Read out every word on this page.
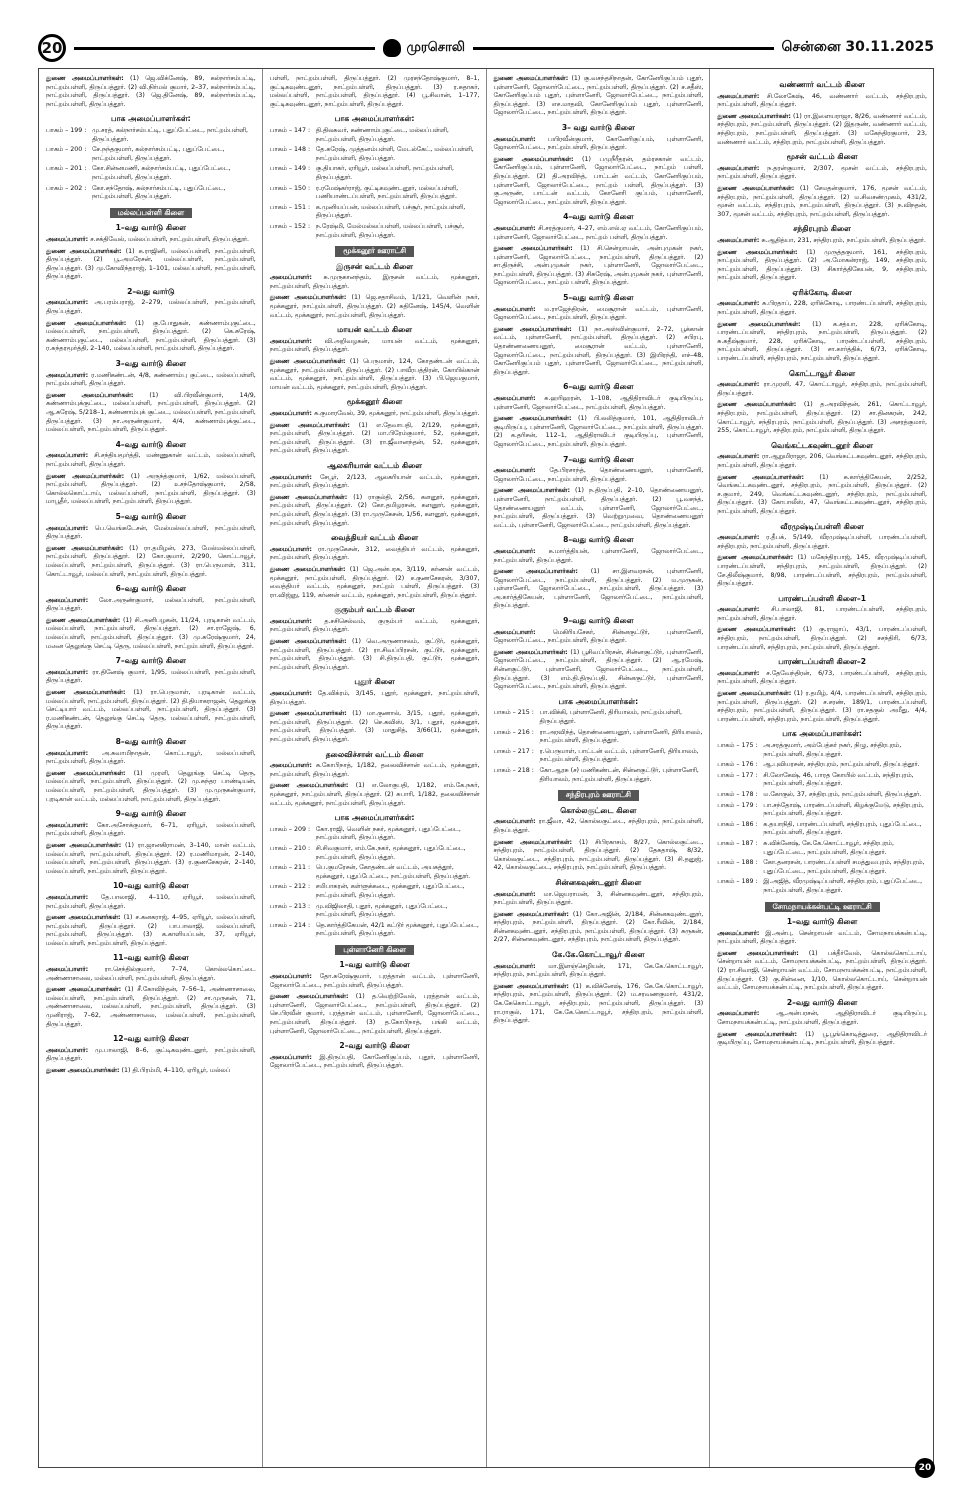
20	முரசொலி	சென்னை 30.11.2025

துணை அமைப்பாளர்கள்: (1) ஜெ.விக்னேஷ், 89, கல்நார்சம்பட்டி, நாட்றம்பள்ளி, திருப்பத்தூர். (2) வி.நிர்மல் குமார், 2–37, கல்நார்சம்பட்டி, நாட்றம்பள்ளி, திருப்பத்தூர். (3) ஜெ.தினேஷ், 89, கல்நார்சம்பட்டி, நாட்றம்பள்ளி, திருப்பத்தூர்.

பாக அமைப்பாளர்கள்:
பாகம் – 199 : மு.சரத், கல்நார்சம்பட்டி, புதுப்பேட்டை, நாட்றம்பள்ளி, திருப்பத்தூர்.
பாகம் – 200 : சே.நந்தகுமார், கல்நார்சம்பட்டி, புதுப்பேட்டை, நாட்றம்பள்ளி, திருப்பத்தூர்.
பாகம் – 201 : கோ.சின்னமணி, கல்நார்சம்பட்டி, புதுப்பேட்டை, நாட்றம்பள்ளி, திருப்பத்தூர்.
பாகம் – 202 : கோ.சந்தோஷ், கல்நார்சம்பட்டி, புதுப்பேட்டை, நாட்றம்பள்ளி, திருப்பத்தூர்.
மல்லப்பள்ளி கிளை
1–வது வார்டு கிளை

அமைப்பாளர்: ச.சக்திவேல், மல்லப்பள்ளி, நாட்றம்பள்ளி, திருப்பத்தூர்.

துணை அமைப்பாளர்கள்: (1) க.ராஜினி, மல்லப்பள்ளி, நாட்றம்பள்ளி, திருப்பத்தூர். (2) பூ.அமரேசன், மல்லப்பள்ளி, நாட்றம்பள்ளி, திருப்பத்தூர். (3) மு.கோவிந்தராஜ், 1–101, மல்லப்பள்ளி, நாட்றம்பள்ளி, திருப்பத்தூர்.

2–வது வார்டு

அமைப்பாளர்: அ.பரம்பராஜ், 2–279, மல்லப்பள்ளி, நாட்றம்பள்ளி, திருப்பத்தூர்.

துணை அமைப்பாளர்கள்: (1) கு.போதுகன், கண்ணாம்புகுட்டை, மல்லப்பள்ளி, நாட்றம்பள்ளி, திருப்பத்தூர். (2) கெ.சுரேஷ், கண்ணாம்புகுட்டை, மல்லப்பள்ளி, நாட்றம்பள்ளி, திருப்பத்தூர். (3) ர.சுந்தரமூர்த்தி, 2–140, மல்லப்பள்ளி, நாட்றம்பள்ளி, திருப்பத்தூர்.

3–வது வார்டு கிளை

அமைப்பாளர்: ர.மணிகண்டன், 4/8, கண்ணாம்பு குட்டை, மல்லப்பள்ளி, நாட்றம்பள்ளி, திருப்பத்தூர்.

துணை அமைப்பாளர்கள்:	(1) வி.பிரவீன்குமார், 14/9, கண்ணாம்புக்குட்டை, மல்லப்பள்ளி, நாட்றம்பள்ளி, திருப்பத்தூர். (2) ஆ.சுரேஷ், 5/218–1, கண்ணாம்புக் குட்டை, மல்லப்பள்ளி, நாட்றம்பள்ளி, திருப்பத்தூர். (3) நா.அருண்குமார், 4/4, கண்ணாம்புக்குட்டை, மல்லப்பள்ளி, நாட்றம்பள்ளி, திருப்பத்தூர்.

4–வது வார்டு கிளை

அமைப்பாளர்: சி.சந்தியமூர்த்தி, மண்ணுகான் வட்டம், மல்லப்பள்ளி, நாட்றம்பள்ளி, திருப்பத்தூர்.

துணை அமைப்பாளர்கள்: (1) அருந்த்குமார், 1/62, மல்லப்பள்ளி, நாட்றம்பள்ளி, திருப்பத்தூர். (2) உசந்தோஷ்குமார், 2/58, கொல்லகொட்டாய், மல்லப்பள்ளி, நாட்றம்பள்ளி, திருப்பத்தூர். (3) மாபூதீர், மல்லப்பள்ளி, நாட்றம்பள்ளி, திருப்பத்தூர்.

5–வது வார்டு கிளை

அமைப்பாளர்: பெ.வெங்கடேசன், மேல்மல்லப்பள்ளி, நாட்றம்பள்ளி, திருப்பத்தூர்.

துணை அமைப்பாளர்கள்: (1) ரா.தமிழன், 273, மேல்மல்லப்பள்ளி, நாட்றம்பள்ளி, திருப்பத்தூர். (2) கோ.குமார், 2/290, கொட்டாவூர், மல்லப்பள்ளி, நாட்றம்பள்ளி, திருப்பத்தூர். (3) ரா.பெருமாள், 311, கொட்டாவூர், மல்லப்பள்ளி, நாட்றம்பள்ளி, திருப்பத்தூர்.

6–வது வார்டு கிளை

அமைப்பாளர்: லோ.அருண்குமார், மல்லப்பள்ளி, நாட்றம்பள்ளி, திருப்பத்தூர்.

துணை அமைப்பாளர்கள்: (1) சி.அனிபழகன், 11/24, புரடிகான் வட்டம், மல்லப்பள்ளி, நாட்றம்பள்ளி, திருப்பத்தூர். (2) சா.ராஜேஷ், 6, மல்லப்பள்ளி, நாட்றம்பள்ளி, திருப்பத்தூர். (3) மு.சுரேஷ்குமார், 24, மனை தெலுங்கு செட்டி தெரு, மல்லப்பள்ளி, நாட்றம்பள்ளி, திருப்பத்தூர்.

7–வது வார்டு கிளை

அமைப்பாளர்: ரா.தினேஷ் குமார், 1/95, மல்லப்பள்ளி, நாட்றம்பள்ளி, திருப்பத்தூர்.

துணை அமைப்பாளர்கள்: (1) ரா.பெருமாள், புரடிகான் வட்டம், மல்லப்பள்ளி, நாட்றம்பள்ளி, திருப்பத்தூர். (2) தி.தியாகராஜன், தெலுங்கு செட்டியார் வட்டம், மல்லப்பள்ளி, நாட்றம்பள்ளி, திருப்பத்தூர். (3) ர.மணிகண்டன், தெலுங்கு செட்டி தெரு, மல்லப்பள்ளி, நாட்றம்பள்ளி, திருப்பத்தூர்.

8–வது வார்டு கிளை

அமைப்பாளர்: அ.சுவாமிநாதன், கொட்டாவூர், மல்லப்பள்ளி, நாட்றம்பள்ளி, திருப்பத்தூர்.

துணை அமைப்பாளர்கள்: (1) முரளி, தெலுங்கு செட்டி தெரு, மல்லப்பள்ளி, நாட்றம்பள்ளி, திருப்பத்தூர். (2) மு.சுந்தர பாண்டியன், மல்லப்பள்ளி, நாட்றம்பள்ளி, திருப்பத்தூர். (3) மு.முருகன்குமார், புரடிகான் வட்டம், மல்லப்பள்ளி, நாட்றம்பள்ளி, திருப்பத்தூர்.

9–வது வார்டு கிளை

அமைப்பாளர்: கோ.அசோக்குமார், 6–71, ஏரியூர், மல்லப்பள்ளி, நாட்றம்பள்ளி, திருப்பத்தூர்.

துணை அமைப்பாளர்கள்: (1) ரா.ஜானகிராமன், 3–140, மான் வட்டம், மல்லப்பள்ளி, நாட்றம்பள்ளி, திருப்பத்தூர். (2) ர.மணிமாறன், 2–140, மல்லப்பள்ளி, நாட்றம்பள்ளி, திருப்பத்தூர். (3) ர.குணசேகரன், 2–140, மல்லப்பள்ளி, நாட்றம்பள்ளி, திருப்பத்தூர்.

10–வது வார்டு கிளை

அமைப்பாளர்: தே.பாலாஜி, 4–110, ஏரியூர், மல்லப்பள்ளி, நாட்றம்பள்ளி, திருப்பத்தூர்.

துணை அமைப்பாளர்கள்: (1) ச.கனகராஜ், 4–95, ஏரியூர், மல்லப்பள்ளி, நாட்றம்பள்ளி, திருப்பத்தூர். (2) பா.பாலாஜி, மல்லப்பள்ளி, நாட்றம்பள்ளி, திருப்பத்தூர். (3) க.காளியப்பன், 37, ஏரியூர், மல்லப்பள்ளி, நாட்றம்பள்ளி, திருப்பத்தூர்.

11–வது வார்டு கிளை

அமைப்பாளர்:	ரா.செந்தில்குமார், 7–74, கொல்லகொட்டை அண்ணாசாலை, மல்லப்பள்ளி, நாட்றம்பள்ளி, திருப்பத்தூர்.

துணை அமைப்பாளர்கள்: (1) சீ.கோவிந்தன், 7–56–1, அண்ணாசாலை, மல்லப்பள்ளி, நாட்றம்பள்ளி, திருப்பத்தூர். (2) சா.முருகன், 71, அண்ணாசாலை, மல்லப்பள்ளி, நாட்றம்பள்ளி, திருப்பத்தூர். (3) முனிராஜ், 7–62, அண்ணாசாலை, மல்லப்பள்ளி, நாட்றம்பள்ளி, திருப்பத்தூர்.

12–வது வார்டு கிளை

அமைப்பாளர்: மு.பாலாஜி, 8–6, குட்டிகவுண்டனூர், நாட்றம்பள்ளி, திருப்பத்தூர்.

துணை அமைப்பாளர்கள்: (1) தி.பிரம்மி, 4–110, ஏரியூர், மல்லப்

பள்ளி, நாட்றம்பள்ளி, திருப்பத்தூர். (2) முரசந்தோஷ்குமார், 8–1, குட்டிகவுண்டனூர், நாட்றம்பள்ளி, திருப்பத்தூர். (3) ர.சுதாகர், மல்லப்பள்ளி, நாட்றம்பள்ளி, திருப்பத்தூர். (4) பூ.சிவான், 1–177, குட்டிகவுண்டனூர், நாட்றம்பள்ளி, திருப்பத்தூர்.

பாக அமைப்பாளர்கள்:
பாகம் – 147 : தி.திலகவர், கண்ணாம்புகுட்டை, மல்லப்பள்ளி, நாட்றம்பள்ளி, திருப்பத்தூர்.
பாகம் – 148 : தே.சுரேஷ், முத்தனம்பள்ளி, மேடல்கேட், மல்லப்பள்ளி, நாட்றம்பள்ளி, திருப்பத்தூர்.
பாகம் – 149 : கு.தியாகர், ஏரியூர், மல்லப்பள்ளி, நாட்றம்பள்ளி, திருப்பத்தூர்.
பாகம் – 150 : ர.ரமேஷ்கர்ராஜ், குட்டிகவுண்டனூர், மல்லப்பள்ளி, பணியாண்டப்பள்ளி, நாட்றம்பள்ளி, திருப்பத்தூர்.
பாகம் – 151 : க.முனியப்பன், மல்லப்பள்ளி, பச்சூர், நாட்றம்பள்ளி, திருப்பத்தூர்.
பாகம் – 152 : ந.ரேஷ்மி, மேல்மல்லப்பள்ளி, மல்லப்பள்ளி, பச்சூர், நாட்றம்பள்ளி, திருப்பத்தூர்.
மூக்கனூர் ஊராட்சி
இருசன் வட்டம் கிளை

அமைப்பாளர்: சு.முருகானந்தம், இருசன் வட்டம், மூக்கனூர், நாட்றம்பள்ளி, திருப்பத்தூர்.

துணை அமைப்பாளர்கள்: (1) ஜெ.சதாசிவம், 1/121, வெளின் நகர், மூக்கனூர், நாட்றம்பள்ளி, திருப்பத்தூர். (2) சுதினேஷ், 145/4, வெளின் வட்டம், மூக்கனூர், நாட்றம்பள்ளி, திருப்பத்தூர்.

மாயன் வட்டம் கிளை

அமைப்பாளர்: வி.அறிவழகன், மாயன் வட்டம், மூக்கனூர், நாட்றம்பள்ளி, திருப்பத்தூர்.

துணை அமைப்பாளர்கள்: (1) பெருமாள், 124, கோதண்டன் வட்டம், மூக்கனூர், நாட்றம்பள்ளி, திருப்பத்தூர். (2) பாவீரபத்திரன், கோயில்கான் வட்டம், மூக்கனூர், நாட்றம்பள்ளி, திருப்பத்தூர். (3) பி.ஜெயகுமார், மாயன் வட்டம், மூக்கனூர், நாட்றம்பள்ளி, திருப்பத்தூர்.

மூக்கனூர் கிளை

அமைப்பாளர்: சு.குமாரவேல், 39, மூக்கனூர், நாட்றம்பள்ளி, திருப்பத்தூர்.

துணை அமைப்பாளர்கள்: (1) எ.தேவாபதி, 2/129, மூக்கனூர், நாட்றம்பள்ளி, திருப்பத்தூர். (2) மா.பிரேம்குமார், 52, மூக்கனூர், நாட்றம்பள்ளி, திருப்பத்தூர். (3) ரா.ஜீவானந்தன், 52, மூக்கனூர், நாட்றம்பள்ளி, திருப்பத்தூர்.

ஆலகரியான் வட்டம் கிளை

அமைப்பாளர்: சேபூர், 2/123, ஆலகரியான் வட்டம், மூக்கனூர், நாட்றம்பள்ளி, திருப்பத்தூர்.

துணை அமைப்பாளர்கள்: (1) ராகுல்தி, 2/56, களனூர், மூக்கனூர், நாட்றம்பள்ளி, திருப்பத்தூர். (2) கோ.தமிழரசன், களனூர், மூக்கனூர், நாட்றம்பள்ளி, திருப்பத்தூர். (3) ரா.முருகேசன், 1/56, களனூர், மூக்கனூர், நாட்றம்பள்ளி, திருப்பத்தூர்.

வைத்தியர் வட்டம் கிளை

அமைப்பாளர்: ரா.முருகேசன், 312, வைத்தியர் வட்டம், மூக்கனூர், நாட்றம்பள்ளி, திருப்பத்தூர்.

துணை அமைப்பாளர்கள்: (1) ஜெ.அன்பரசு, 3/119, கர்ணன் வட்டம், மூக்கனூர், நாட்றம்பள்ளி, திருப்பத்தூர். (2) ச.குணசேகரன், 3/307, வைத்தியர் வட்டம், மூக்கனூர், நாட்றம் பள்ளி, திருப்பத்தூர். (3) ரா.விஜ்ஞு, 119, கர்ணன் வட்டம், மூக்கனூர், நாட்றம்பள்ளி, திருப்பத்தூர்.

குரும்பர் வட்டம் கிளை

அமைப்பாளர்: த.சசிசெல்வம், குரும்பர் வட்டம், மூக்கனூர், நாட்றம்பள்ளி, திருப்பத்தூர்.

துணை அமைப்பாளர்கள்: (1) வெ.அருணாசலம், குட்டூர், மூக்கனூர், நாட்றம்பள்ளி, திருப்பத்தூர். (2) ரா.சிவப்பிரசன், குட்டூர், மூக்கனூர், நாட்றம்பள்ளி, திருப்பத்தூர். (3) சி.திருப்பதி, குட்டூர், மூக்கனூர், நாட்றம்பள்ளி, திருப்பத்தூர்.

புதூர் கிளை

அமைப்பாளர்: தே.விக்ரம், 3/145, புதூர், மூக்கனூர், நாட்றம்பள்ளி, திருப்பத்தூர்.

துணை அமைப்பாளர்கள்: (1) மா.குணால், 3/15, புதூர், மூக்கனூர், நாட்றம்பள்ளி, திருப்பத்தூர். (2) செ.கவிஸ், 3/1, புதூர், மூக்கனூர், நாட்றம்பள்ளி, திருப்பத்தூர். (3) மாதுசித், 3/66(1), மூக்கனூர், நாட்றம்பள்ளி, திருப்பத்தூர்.

தலைவிச்சான் வட்டம் கிளை

அமைப்பாளர்: சு.கோபிநாத், 1/182, தலைவிச்சான் வட்டம், மூக்கனூர், நாட்றம்பள்ளி, திருப்பத்தூர்.

துணை அமைப்பாளர்கள்: (1) எ.லோகுபதி, 1/182, எம்.கே.நகர், மூக்கனூர், நாட்றம்பள்ளி, திருப்பத்தூர். (2) சுபாரி, 1/182, தலைவிச்சான் வட்டம், மூக்கனூர், நாட்றம்பள்ளி, திருப்பத்தூர்.

பாக அமைப்பாளர்கள்:
பாகம் – 209 : கோ.ராஜி, வெளின் நகர், மூக்கனூர், புதுப்பேட்டை, நாட்றம்பள்ளி, திருப்பத்தூர்.
பாகம் – 210 : சி.சிவகுமார், எம்.கே.நகர், மூக்கனூர், புதுப்பேட்டை, நாட்றம்பள்ளி, திருப்பத்தூர்.
பாகம் – 211 : பெ.குமரேசன், கோதண்டன் வட்டம், அயகத்தூர், மூக்கனூர், புதுப்பேட்டை, நாட்றம்பள்ளி, திருப்பத்தூர்.
பாகம் – 212 : சமிபாகரன், கள்ளுக்கடை, மூக்கனூர், புதுப்பேட்டை, நாட்றம்பள்ளி, திருப்பத்தூர்.
பாகம் – 213 : மு.விஜிலாதி, புதூர், மூக்கனூர், புதுப்பேட்டை, நாட்றம்பள்ளி, திருப்பத்தூர்.
பாகம் – 214 : தெ.கார்த்திகேயன், 42/1 கட்டூர் மூக்கனூர், புதுப்பேட்டை, நாட்றம்பள்ளி, திருப்பத்தூர்.
புள்ளானேரி கிளை
1–வது வார்டு கிளை

அமைப்பாளர்: தோ.சுரேஷ்குமார், புரத்தான் வட்டம், புள்ளானேரி, ஜோலார்பேட்டை, நாட்றம்பள்ளி, திருப்பத்தூர்.

துணை அமைப்பாளர்கள்: (1) த.வெற்றிவேல், புரத்தான் வட்டம், புள்ளானேரி, ஜோலார்பேட்டை, நாட்றம்பள்ளி, திருப்பத்தூர். (2) செ.பிரவீன் குமார், புரத்தான் வட்டம், புள்ளானேரி, ஜோலார்பேட்டை, நாட்றம்பள்ளி, திருப்பத்தூர். (3) த.கோபிநாத், பங்கி வட்டம், புள்ளானேரி, ஜோலார்பேட்டை, நாட்றம்பள்ளி, திருப்பத்தூர்.

2–வது வார்டு கிளை

அமைப்பாளர்: இ.திருப்பதி, கோனேரிகுப்பம், புதூர், புள்ளானேரி, ஜோலார்பேட்டை, நாட்றம்பள்ளி, திருப்பத்தூர்.

துணை அமைப்பாளர்கள்: (1) கு.வசந்தசிநாதன், கோனேரிகுப்பம் புதூர், புள்ளானேரி, ஜோலார்பேட்டை, நாட்றம்பள்ளி, திருப்பத்தூர். (2) ச.சதீஸ், கோனேரிகுப்பம் புதூர், புள்ளானேரி, ஜோலார்பேட்டை, நாட்றம்பள்ளி, திருப்பத்தூர். (3) எச.மாதவி, கோனேரிகுப்பம் புதூர், புள்ளானேரி, ஜோலார்பேட்டை, நாட்றம்பள்ளி, திருப்பத்தூர்.

3– வது வார்டு கிளை

அமைப்பாளர்: பயிரவீன்குமார், கோனேரிகுப்பம், புள்ளானேரி, ஜோலார்பேட்டை, நாட்றம்பள்ளி, திருப்பத்தூர்.

துணை அமைப்பாளர்கள்: (1) பமுநீரீதரன், தம்ரசகான் வட்டம், கோனேரிகுப்பம், புள்ளானேரி, ஜோலார்பேட்டை, நாட்றம் பள்ளி, திருப்பத்தூர். (2) தி.அரவிந்த், பாட்டன் வட்டம், கோனேரிகுப்பம், புள்ளானேரி, ஜோலார்பேட்டை, நாட்றம் பள்ளி, திருப்பத்தூர். (3) கு.அருண், பாட்டன் வட்டம், கோனேரி குப்பம், புள்ளானேரி, ஜோலார்பேட்டை, நாட்றம்பள்ளி, திருப்பத்தூர்.

4–வது வார்டு கிளை

அமைப்பாளர்: சி.சரத்குமார், 4–27, எம்.எல்.ஏ வட்டம், கோனேரிகுப்பம், புள்ளானேரி, ஜோலார்பேட்டை, நாட்றம் பள்ளி, திருப்பத்தூர்.

துணை அமைப்பாளர்கள்: (1) சி.சென்றாயன், அன்புமுகன் நகர், புள்ளானேரி, ஜோலார்பேட்டை, நாட்றம்பள்ளி, திருப்பத்தூர். (2) சா.திருச்சி, அன்புமுகன் நகர், புள்ளானேரி, ஜோலார்பேட்டை, நாட்றம்பள்ளி, திருப்பத்தூர். (3) சிசுரேஷ், அன்புமுகன் நகர், புள்ளானேரி, ஜோலார்பேட்டை, நாட்றம் பள்ளி, திருப்பத்தூர்.

5–வது வார்டு கிளை

அமைப்பாளர்: ம.ராஜேந்திரன், மைசூரான் வட்டம், புள்ளானேரி, ஜோலார்பேட்டை, நாட்றம்பள்ளி, திருப்பத்தூர்.

துணை அமைப்பாளர்கள்: (1) நா.அஸ்வின்குமார், 2–72, பூக்கான் வட்டம், புள்ளானேரி, நாட்றம்பள்ளி, திருப்பத்தூர். (2) சபிரபு, தொண்ணணையனூர், மைசூரான் வட்டம், புள்ளானேரி, ஜோலார்பேட்டை, நாட்றம்பள்ளி, திருப்பத்தூர். (3) இயிரந்தி, எச்–48, கோனேரிகுப்பம் புதூர், புள்ளானேரி, ஜோலார்பேட்டை, நாட்றம்பள்ளி, திருப்பத்தூர்.

6–வது வார்டு கிளை

அமைப்பாளர்: சு.ஹரிஹரன், 1–108, ஆதிதிராவிடர் குடியிருப்பு, புள்ளானேரி, ஜோலார்பேட்டை, நாட்றம்பள்ளி, திருப்பத்தூர்.

துணை அமைப்பாளர்கள்: (1) பி.லலித்குமார், 101, ஆதிதிராவிடர் குடியிருப்பு, புள்ளானேரி, ஜோலார்பேட்டை, நாட்றம்பள்ளி, திருப்பத்தூர். (2) க.தரிசன், 112–1, ஆதிதிராவிடர் குடியிருப்பு, புள்ளானேரி, ஜோலார்பேட்டை, நாட்றம்பள்ளி, திருப்பத்தூர்.

7–வது வார்டு கிளை

அமைப்பாளர்: தே.பிரசாந்த், தொண்ணையனூர், புள்ளானேரி, ஜோலார்பேட்டை, நாட்றம்பள்ளி, திருப்பத்தூர்.

துணை அமைப்பாளர்கள்: (1) ந.திருப்பதி, 2–10, தொண்ணையனூர், புள்ளானேரி, நாட்றம்பள்ளி, திருப்பத்தூர். (2) பூ.வசந்த், தொண்ணையனூர் வட்டம், புள்ளானேரி, ஜோலார்பேட்டை, நாட்றம்பள்ளி, திருப்பத்தூர். (3) வெற்றுமுவை, தொண்ணையனூர் வட்டம், புள்ளானேரி, ஜோலார்பேட்டை, நாட்றம்பள்ளி, திருப்பத்தூர்.

8–வது வார்டு கிளை

அமைப்பாளர்: சு.மார்த்தியன், புள்ளானேரி, ஜோலார்பேட்டை, நாட்றம்பள்ளி, திருப்பத்தூர்.

துணை அமைப்பாளர்கள்: (1) சா.இளவரசன், புள்ளானேரி, ஜோலார்பேட்டை, நாட்றம்பள்ளி, திருப்பத்தூர். (2) ம.முருகன், புள்ளானேரி, ஜோலார்பேட்டை, நாட்றம்பள்ளி, திருப்பத்தூர். (3) அ.கார்த்திகேயன், புள்ளானேரி, ஜோலார்பேட்டை, நாட்றம்பள்ளி, திருப்பத்தூர்.

9–வது வார்டு கிளை

அமைப்பாளர்:	மெகிரியசேகர், சின்னகுட்டூர், புள்ளானேரி, ஜோலார்பேட்டை, நாட்றம்பள்ளி, திருப்பத்தூர்.

துணை அமைப்பாளர்கள்: (1) பூசிவப்பிரசன், சின்னகுட்டூர், புள்ளானேரி, ஜோலார்பேட்டை, நாட்றம்பள்ளி, திருப்பத்தூர். (2) ஆ.ரமேஷ், சின்னகுட்டூர், புள்ளானேரி, ஜோலார்பேட்டை, நாட்றம்பள்ளி, திருப்பத்தூர். (3) எம்.தி.திருப்பதி, சின்னகுட்டூர், புள்ளானேரி, ஜோலார்பேட்டை, நாட்றம்பள்ளி, திருப்பத்தூர்.

பாக அமைப்பாளர்கள்:
பாகம் – 215 : பா.விக்கி, புள்ளானேரி, திரியாலம், நாட்றம்பள்ளி, திருப்பத்தூர்.
பாகம் – 216 : ரா.அரவிந்த், தொண்ணையனூர், புள்ளானேரி, திரியாலம், நாட்றம்பள்ளி, திருப்பத்தூர்.
பாகம் – 217 : ர.பெருமாள், பாட்டன் வட்டம், புள்ளானேரி, திரியாலம், நாட்றம்பள்ளி, திருப்பத்தூர்.
பாகம் – 218 : கோ.ஆரசு (ச) மணிகண்டன், சின்னகுட்டூர், புள்ளானேரி, திரியாலம், நாட்றம்பள்ளி, திருப்பத்தூர்.
சந்திரபுரம் ஊராட்சி
கொல்லகுட்டை கிளை

அமைப்பாளர்: ரா.ஜீவா, 42, கொல்லகுட்டை, சந்திரபுரம், நாட்றம்பள்ளி, திருப்பத்தூர்.

துணை அமைப்பாளர்கள்: (1) சிபிரகாசம், 8/27, கொல்லகுட்டை, சந்திரபுரம், நாட்றம்பள்ளி, திருப்பத்தூர். (2) தேசுதாஷ், 8/32, கொல்லகுட்டை, சந்திரபுரம், நாட்றம்பள்ளி, திருப்பத்தூர். (3) சி.தனுஜ், 42, கொல்லகுட்டை, சந்திரபுரம், நாட்றம்பள்ளி, திருப்பத்தூர்.

சின்னகவுண்டனூர் கிளை

அமைப்பாளர்: மா.ஜெயராமன், 3, சின்னகவுண்டனூர், சந்திரபுரம், நாட்றம்பள்ளி, திருப்பத்தூர்.

துணை அமைப்பாளர்கள்: (1) கோ.அஜின், 2/184, சின்னகவுண்டனூர், சந்திரபுரம், நாட்றம்பள்ளி, திருப்பத்தூர். (2) கோ.ரீவின், 2/184, சின்னகவுண்டனூர், சந்திரபுரம், நாட்றம்பள்ளி, திருப்பத்தூர். (3) சுருகன், 2/27, சின்னகவுண்டனூர், சந்திரபுரம், நாட்றம்பள்ளி, திருப்பத்தூர்.

கே.கே.கொட்டாவூர் கிளை

அமைப்பாளர்: மா.இளஞ்செழியன், 171, கே.கே.கொட்டாவூர், சந்திரபுரம், நாட்றம்பள்ளி, திருப்பத்தூர்.

துணை அமைப்பாளர்கள்: (1) க.விக்னேஷ், 176, கே.கே.கொட்டாவூர், சந்திரபுரம், நாட்றம்பள்ளி, திருப்பத்தூர். (2) ம.சரவணகுமார், 431/2, கே.கேகொட்டாவூர், சந்திரபுரம், நாட்றம்பள்ளி, திருப்பத்தூர். (3) ரா.ராகுல், 171, கே.கே.கொட்டாவூர், சந்திரபுரம், நாட்றம்பள்ளி, திருப்பத்தூர்.

வண்ணார் வட்டம் கிளை

அமைப்பாளர்: சி.லோகேஷ், 46, வண்ணார் வட்டம், சந்திரபுரம், நாட்றம்பள்ளி, திருப்பத்தூர்.

துணை அமைப்பாளர்கள்: (1) ரா.இளையராஜா, 8/26, வண்ணார் வட்டம், சந்திரபுரம், நாட்றம்பள்ளி, திருப்பத்தூர். (2) இதருண், வண்ணார் வட்டம், சந்திரபுரம், நாட்றம்பள்ளி, திருப்பத்தூர். (3) மகேந்திரகுமார், 23, வண்ணார் வட்டம், சந்திரபுரம், நாட்றம்பள்ளி, திருப்பத்தூர்.

மூசன் வட்டம் கிளை

அமைப்பாளர்: ந.தரன்குமார், 2/307, மூசன் வட்டம், சந்திரபுரம், நாட்றம்பள்ளி, திருப்பத்தூர்.

துணை அமைப்பாளர்கள்: (1) சேமதன்குமார், 176, மூசன் வட்டம், சந்திரபுரம், நாட்றம்பள்ளி, திருப்பத்தூர். (2) ம.சிவசண்முகம், 431/2, மூசன் வட்டம், சந்திரபுரம், நாட்றம்பள்ளி, திருப்பத்தூர். (3) ந.விநதன், 307, மூசன் வட்டம், சந்திரபுரம், நாட்றம்பள்ளி, திருப்பத்தூர்.

சந்திரபுரம் கிளை

அமைப்பாளர்: சு.ஆதித்யா, 231, சந்திரபுரம், நாட்றம்பள்ளி, திருப்பத்தூர்.

துணை அமைப்பாளர்கள்: (1) முருத்தகுமார், 161, சந்திரபுரம், நாட்றம்பள்ளி, திருப்பத்தூர். (2) அ.மோகன்ராஜ், 149, சந்திரபுரம், நாட்றம்பள்ளி, திருப்பத்தூர். (3) சிகார்த்திகேயன், 9, சந்திரபுரம், நாட்றம்பள்ளி, திருப்பத்தூர்.

ஏரிக்கோடி கிளை

அமைப்பாளர்: சு.பிரதாப், 228, ஏரிக்கோடி, பாரண்டப்பள்ளி, சந்திரபுரம், நாட்றம்பள்ளி, திருப்பத்தூர்.

துணை அமைப்பாளர்கள்: (1) க.சத்யா, 228, ஏரிக்கோடி, பாரண்டப்பள்ளி, சந்திரபுரம், நாட்றம்பள்ளி, திருப்பத்தூர். (2) சு.சுதீஷ்குமார், 228, ஏரிக்கோடி, பாரண்டப்பள்ளி, சந்திரபுரம், நாட்றம்பள்ளி, திருப்பத்தூர். (3) சா.கார்த்திக், 6/73, ஏரிக்கோடி, பாரண்டப்பள்ளி, சந்திரபுரம், நாட்றம்பள்ளி, திருப்பத்தூர்.

கொட்டாவூர் கிளை

அமைப்பாளர்: ரா.முரளி, 47, கொட்டாவூர், சந்திரபுரம், நாட்றம்பள்ளி, திருப்பத்தூர்.

துணை அமைப்பாளர்கள்: (1) த.அரவிந்தன், 261, கொட்டாவூர், சந்திரபுரம், நாட்றம்பள்ளி, திருப்பத்தூர். (2) சா.தினகரன், 242, கொட்டாவூர், சந்திரபுரம், நாட்றம்பள்ளி, திருப்பத்தூர். (3) அசரத்குமார், 255, கொட்டாவூர், சந்திரபுரம், நாட்றம்பள்ளி, திருப்பத்தூர்.

வெங்கட்டகவுண்டனூர் கிளை

அமைப்பாளர்: ரா.ஆறுமிராஜா, 206, வெங்கட்டகவுண்டனூர், சந்திரபுரம், நாட்றம்பள்ளி, திருப்பத்தூர்.

துணை அமைப்பாளர்கள்: (1) சு.கார்த்திகேயன், 2/252, வெங்கட்டகவுண்டனூர், சந்திரபுரம், நாட்றம்பள்ளி, திருப்பத்தூர். (2) ச.குமார், 249, வெங்கட்டகவுண்டனூர், சந்திரபுரம், நாட்றம்பள்ளி, திருப்பத்தூர். (3) கோபாலீஸ், 47, வெங்கட்டகவுண்டனூர், சந்திரபுரம், நாட்றம்பள்ளி, திருப்பத்தூர்.

வீரமுஷ்டிப்பள்ளி கிளை

அமைப்பாளர்: ர.தீபக், 5/149, வீரமுஷ்டிப்பள்ளி, பாரண்டப்பள்ளி, சந்திரபுரம், நாட்றம்பள்ளி, திருப்பத்தூர்.

துணை அமைப்பாளர்கள்: (1) மகேந்திரபாஜ், 145, வீரமுஷ்டிப்பள்ளி, பாரண்டப்பள்ளி, சந்திரபுரம், நாட்றம்பள்ளி, திருப்பத்தூர். (2) சே.திலீஷ்குமார், 8/98, பாரண்டப்பள்ளி, சந்திரபுரம், நாட்றம்பள்ளி, திருப்பத்தூர்.

பாரண்டப்பள்ளி கிளை–1

அமைப்பாளர்: சி.பாலாஜி, 81, பாரண்டப்பள்ளி, சந்திரபுரம், நாட்றம்பள்ளி, திருப்பத்தூர்.

துணை அமைப்பாளர்கள்: (1) கு.ராஜாப், 43/1, பாரண்டப்பள்ளி, சந்திரபுரம், நாட்றம்பள்ளி, திருப்பத்தூர். (2) சசந்திரி, 6/73, பாரண்டப்பள்ளி, சந்திரபுரம், நாட்றம்பள்ளி, திருப்பத்தூர்.

பாரண்டப்பள்ளி கிளை–2

அமைப்பாளர்: ச.தேவேந்திரன், 6/73, பாரண்டப்பள்ளி, சந்திரபுரம், நாட்றம்பள்ளி, திருப்பத்தூர்.

துணை அமைப்பாளர்கள்: (1) ர.தமிழ், 4/4, பாரண்டப்பள்ளி, சந்திரபுரம், நாட்றம்பள்ளி, திருப்பத்தூர். (2) ச.சரண், 189/1, பாரண்டப்பள்ளி, சந்திரபுரம், நாட்றம்பள்ளி, திருப்பத்தூர். (3) ரா.சதகுல் அமீது, 4/4, பாரண்டப்பள்ளி, சந்திரபுரம், நாட்றம்பள்ளி, திருப்பத்தூர்.

பாக அமைப்பாளர்கள்:
பாகம் – 175 : அ.சரத்குமார், அம்பேத்கர் நகர், நிழு, சந்திரபுரம், நாட்றம்பள்ளி, திருப்பத்தூர்.
பாகம் – 176 : ஆ.புவியரசன், சந்திரபுரம், நாட்றம்பள்ளி, திருப்பத்தூர்.
பாகம் – 177 : சி.லோகேஷ், 46, பாரத கோயில் வட்டம், சந்திரபுரம், நாட்றம்பள்ளி, திருப்பத்தூர்.
பாகம் – 178 : ம.கோகுல், 37, சந்திரபுரம், நாட்றம்பள்ளி, திருப்பத்தூர்.
பாகம் – 179 : பா.சந்தோஷ், பாரண்டப்பள்ளி, கிழக்குமேடு, சந்திரபுரம், நாட்றம்பள்ளி, திருப்பத்தூர்.
பாகம் – 186 : க.தயாநிதி, பாரண்டப்பள்ளி, சந்திரபுரம், புதுப்பேட்டை, நாட்றம்பள்ளி, திருப்பத்தூர்.
பாகம் – 187 : சு.விக்னேஷ், கே.கே.கொட்டாவூர், சந்திரபுரம், புதுப்பேட்டை, நாட்றம்பள்ளி, திருப்பத்தூர்.
பாகம் – 188 : கோ.தனரசன், பாரண்டப்பள்ளி சமத்துவபுரம், சந்திரபுரம், புதுப்பேட்டை, நாட்றம்பள்ளி, திருப்பத்தூர்.
பாகம் – 189 : இ.அஜித், வீரமுஷ்டிப்பள்ளி, சந்திரபுரம், புதுப்பேட்டை, நாட்றம்பள்ளி, திருப்பத்தூர்.
சோமநாயக்கன்பட்டி ஊராட்சி
1–வது வார்டு கிளை

அமைப்பாளர்: இ.அன்பு, சென்றாயன் வட்டம், சோமநாயக்கன்பட்டி, நாட்றம்பள்ளி, திருப்பத்தூர்.

துணை அமைப்பாளர்கள்: (1) பக்தீர்வேல், கொல்லகொட்டாய், சென்றாயன் வட்டம், சோமநாயக்கன்பட்டி, நாட்றம்பள்ளி, திருப்பத்தூர். (2) ரா.சிவாஜி, சென்றாயன் வட்டம், சோமநாயக்கன்பட்டி, நாட்றம்பள்ளி, திருப்பத்தூர். (3) கு.சின்னை, 1/10, கொல்லகொட்டாய், சென்றாயன் வட்டம், சோமநாயக்கன்பட்டி, நாட்றம்பள்ளி, திருப்பத்தூர்.

2–வது வார்டு கிளை

அமைப்பாளர்:	ஆ.அன்பரசன், ஆதிதிராவிடர் குடியிருப்பு, சோமநாயக்கன்பட்டி, நாட்றம்பள்ளி, திருப்பத்தூர்.

துணை அமைப்பாளர்கள்: (1) பூ.பூங்கொடித்துரை, ஆதிதிராவிடர் குடியிருப்பு, சோமநாயக்கன்பட்டி, நாட்றம்பள்ளி, திருப்பத்தூர்.

20
